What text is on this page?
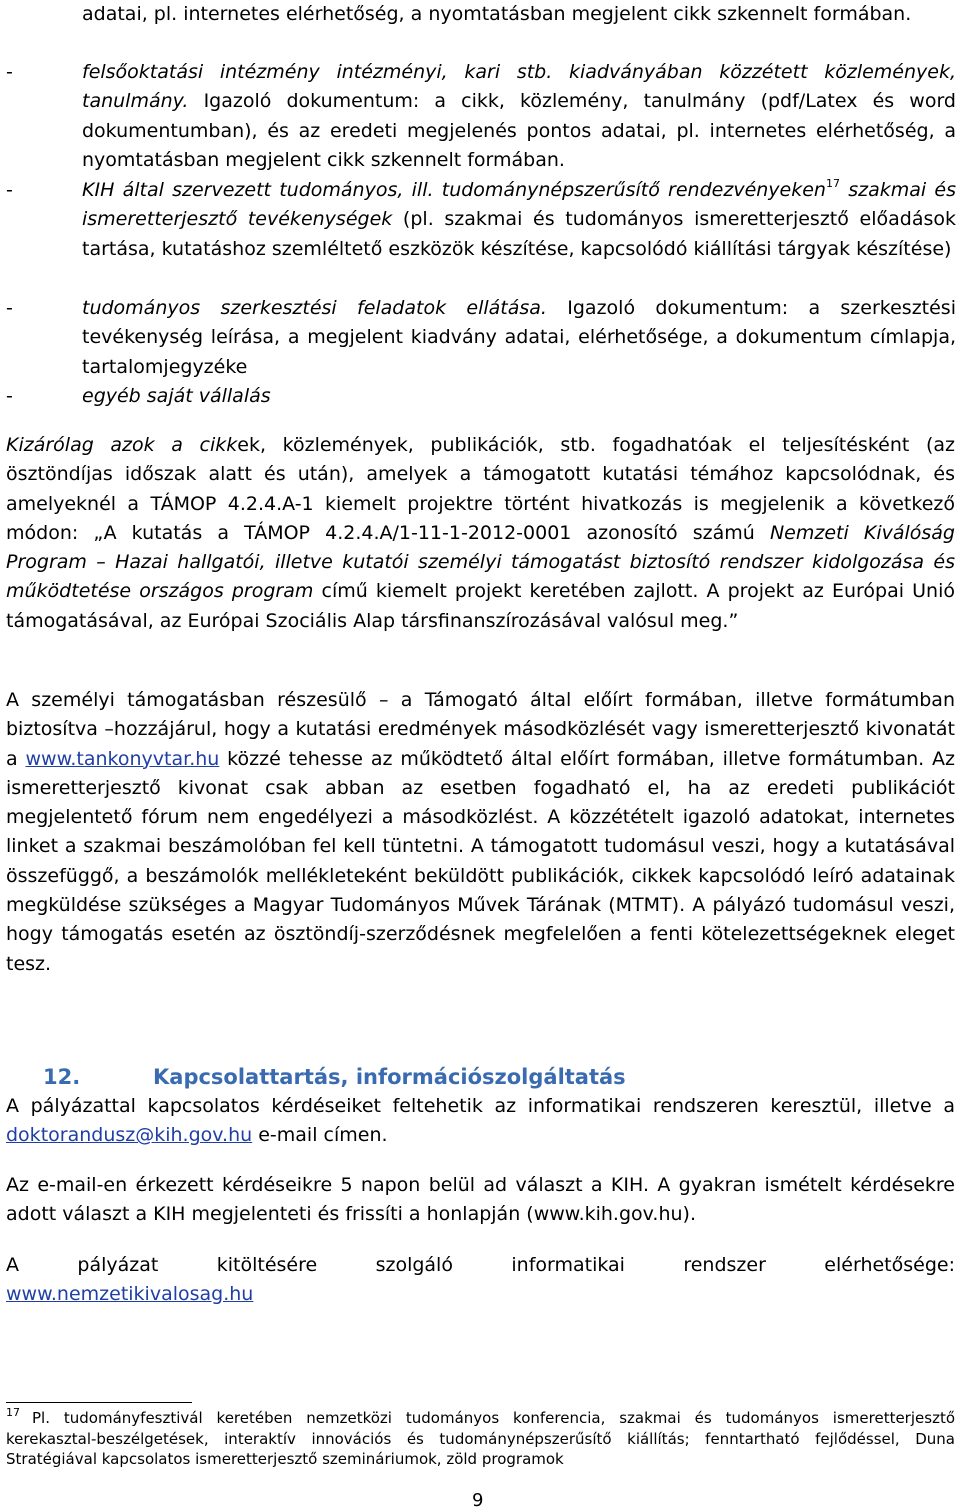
adatai, pl. internetes elérhetőség, a nyomtatásban megjelent cikk szkennelt formában.

-	felsőoktatási intézmény intézményi, kari stb. kiadványában közzétett közlemények, tanulmány. Igazoló dokumentum: a cikk, közlemény, tanulmány (pdf/Latex és word dokumentumban), és az eredeti megjelenés pontos adatai, pl. internetes elérhetőség, a nyomtatásban megjelent cikk szkennelt formában.

-	KIH által szervezett tudományos, ill. tudománynépszerűsítő rendezvényeken$^{17}$ szakmai és ismeretterjesztő tevékenységek (pl. szakmai és tudományos ismeretterjesztő előadások tartása, kutatáshoz szemléltető eszközök készítése, kapcsolódó kiállítási tárgyak készítése)

-	tudományos szerkesztési feladatok ellátása. Igazoló dokumentum: a szerkesztési tevékenység leírása, a megjelent kiadvány adatai, elérhetősége, a dokumentum címlapja, tartalomjegyzéke

-	egyéb saját vállalás

Kizárólag azok a cikkek, közlemények, publikációk, stb. fogadhatóak el teljesítésként (az ösztöndíjas időszak alatt és után), amelyek a támogatott kutatási témához kapcsolódnak, és amelyeknél a TÁMOP 4.2.4.A-1 kiemelt projektre történt hivatkozás is megjelenik a következő módon: „A kutatás a TÁMOP 4.2.4.A/1-11-1-2012-0001 azonosító számú Nemzeti Kiválóság Program – Hazai hallgatói, illetve kutatói személyi támogatást biztosító rendszer kidolgozása és működtetése országos program című kiemelt projekt keretében zajlott. A projekt az Európai Unió támogatásával, az Európai Szociális Alap társfinanszírozásával valósul meg.”

A személyi támogatásban részesülő – a Támogató által előírt formában, illetve formátumban biztosítva –hozzájárul, hogy a kutatási eredmények másodközlését vagy ismeretterjesztő kivonatát a www.tankonyvtar.hu közzé tehesse az működtető által előírt formában, illetve formátumban. Az ismeretterjesztő kivonat csak abban az esetben fogadható el, ha az eredeti publikációt megjelentető fórum nem engedélyezi a másodközlést. A közzétételt igazoló adatokat, internetes linket a szakmai beszámolóban fel kell tüntetni. A támogatott tudomásul veszi, hogy a kutatásával összefüggő, a beszámolók mellékleteként beküldött publikációk, cikkek kapcsolódó leíró adatainak megküldése szükséges a Magyar Tudományos Művek Tárának (MTMT). A pályázó tudomásul veszi, hogy támogatás esetén az ösztöndíj-szerződésnek megfelelően a fenti kötelezettségeknek eleget tesz.

12.	Kapcsolattartás, információszolgáltatás

A pályázattal kapcsolatos kérdéseiket feltehetik az informatikai rendszeren keresztül, illetve a doktorandusz@kih.gov.hu e-mail címen.

Az e-mail-en érkezett kérdéseikre 5 napon belül ad választ a KIH. A gyakran ismételt kérdésekre adott választ a KIH megjelenteti és frissíti a honlapján (www.kih.gov.hu).

A pályázat kitöltésére szolgáló informatikai rendszer elérhetősége:

www.nemzetikivalosag.hu

17 Pl. tudományfesztivál keretében nemzetközi tudományos konferencia, szakmai és tudományos ismeretterjesztő kerekasztal-beszélgetések, interaktív innovációs és tudománynépszerűsítő kiállítás; fenntartható fejlődéssel, Duna Stratégiával kapcsolatos ismeretterjesztő szemináriumok, zöld programok

9
